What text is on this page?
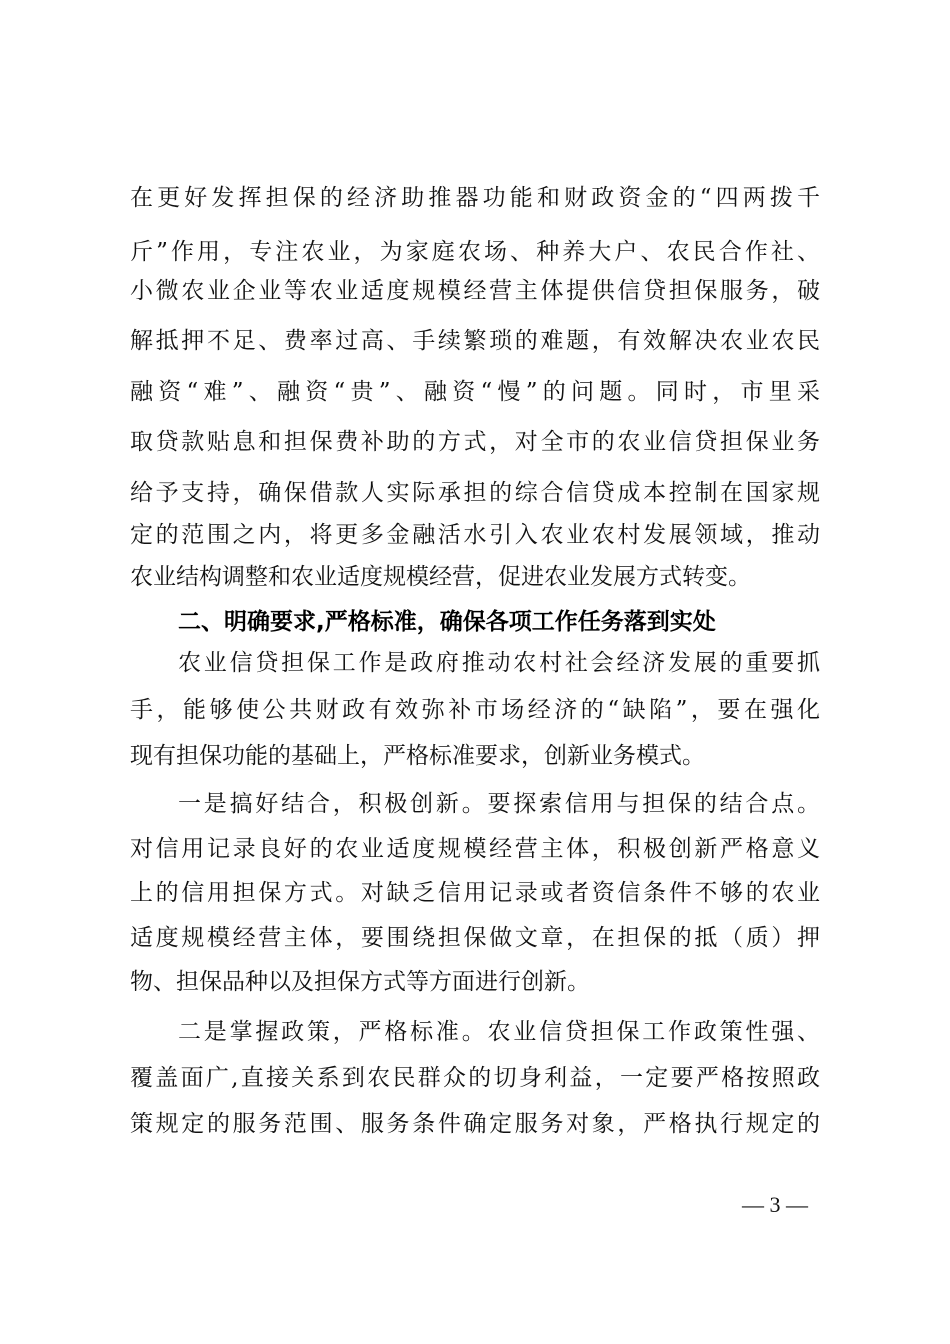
在更好发挥担保的经济助推器功能和财政资金的“四两拨千
斤”作用，专注农业，为家庭农场、种养大户、农民合作社、
小微农业企业等农业适度规模经营主体提供信贷担保服务，破
解抵押不足、费率过高、手续繁琐的难题，有效解决农业农民
融资“难”、融资“贵”、融资“慢”的问题。同时，市里采
取贷款贴息和担保费补助的方式，对全市的农业信贷担保业务
给予支持，确保借款人实际承担的综合信贷成本控制在国家规
定的范围之内，将更多金融活水引入农业农村发展领域，推动
农业结构调整和农业适度规模经营，促进农业发展方式转变。
二、明确要求,严格标准，确保各项工作任务落到实处
农业信贷担保工作是政府推动农村社会经济发展的重要抓
手，能够使公共财政有效弥补市场经济的“缺陷”，要在强化
现有担保功能的基础上，严格标准要求，创新业务模式。
一是搞好结合，积极创新。要探索信用与担保的结合点。
对信用记录良好的农业适度规模经营主体，积极创新严格意义
上的信用担保方式。对缺乏信用记录或者资信条件不够的农业
适度规模经营主体，要围绕担保做文章，在担保的抵（质）押
物、担保品种以及担保方式等方面进行创新。
二是掌握政策，严格标准。农业信贷担保工作政策性强、
覆盖面广,直接关系到农民群众的切身利益，一定要严格按照政
策规定的服务范围、服务条件确定服务对象，严格执行规定的
— 3 —
